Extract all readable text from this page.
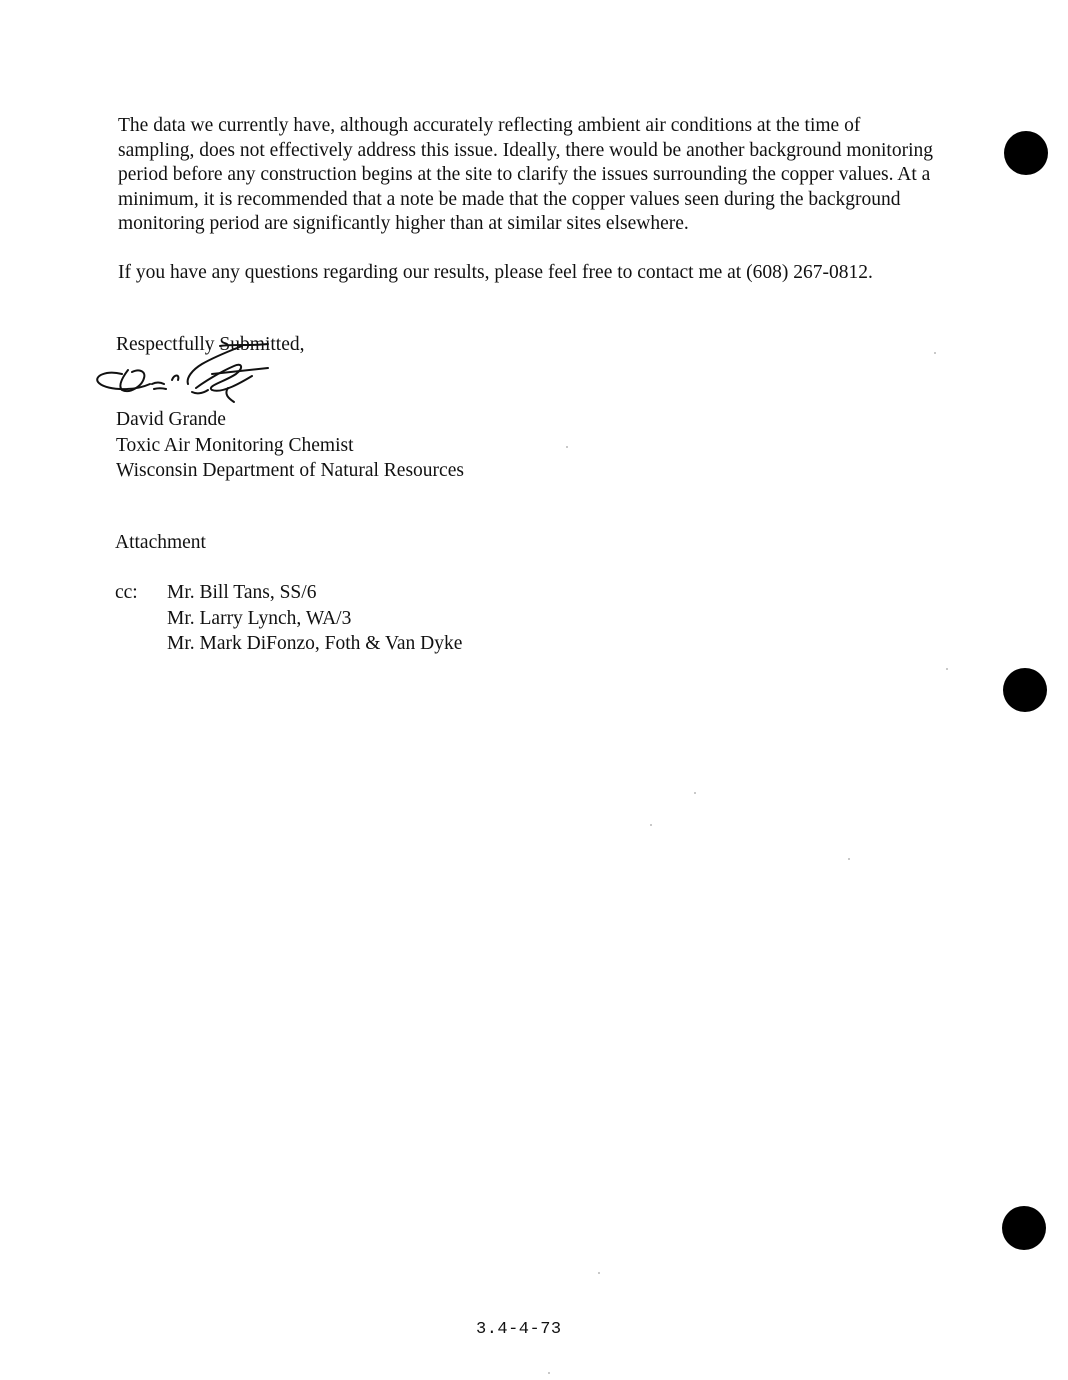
The data we currently have, although accurately reflecting ambient air conditions at the time of sampling, does not effectively address this issue. Ideally, there would be another background monitoring period before any construction begins at the site to clarify the issues surrounding the copper values. At a minimum, it is recommended that a note be made that the copper values seen during the background monitoring period are significantly higher than at similar sites elsewhere.

If you have any questions regarding our results, please feel free to contact me at (608) 267-0812.

Respectfully Submitted,
David Grande
Toxic Air Monitoring Chemist
Wisconsin Department of Natural Resources
Attachment
cc: Mr. Bill Tans, SS/6
Mr. Larry Lynch, WA/3
Mr. Mark DiFonzo, Foth & Van Dyke
3.4-4-73
